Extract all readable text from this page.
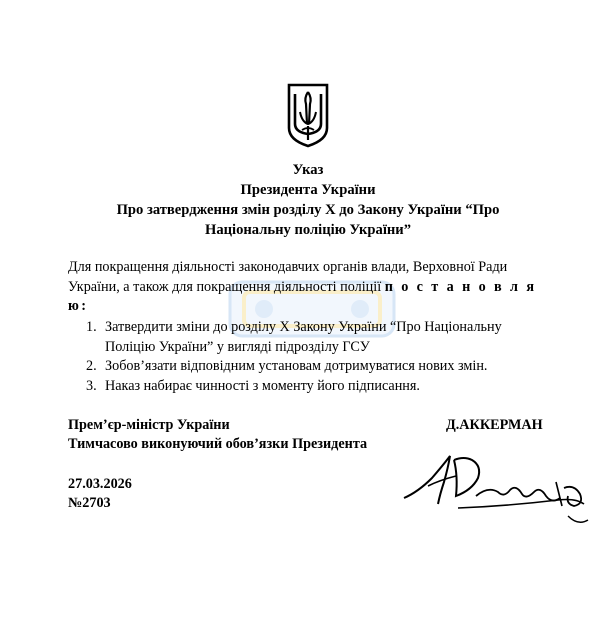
Указ
Президента України
Про затвердження змін розділу X до Закону України “Про
Національну поліцію України”
Для покращення діяльності законодавчих органів влади, Верховної Ради України, а також для покращення діяльності поліції п о с т а н о в л я ю:
1. Затвердити зміни до розділу X Закону України “Про Національну Поліцію України” у вигляді підрозділу ГСУ
2. Зобов’язати відповідним установам дотримуватися нових змін.
3. Наказ набирає чинності з моменту його підписання.
Прем’єр-міністр України	Д.АККЕРМАН
Тимчасово виконуючий обов’язки Президента
27.03.2026
№2703
